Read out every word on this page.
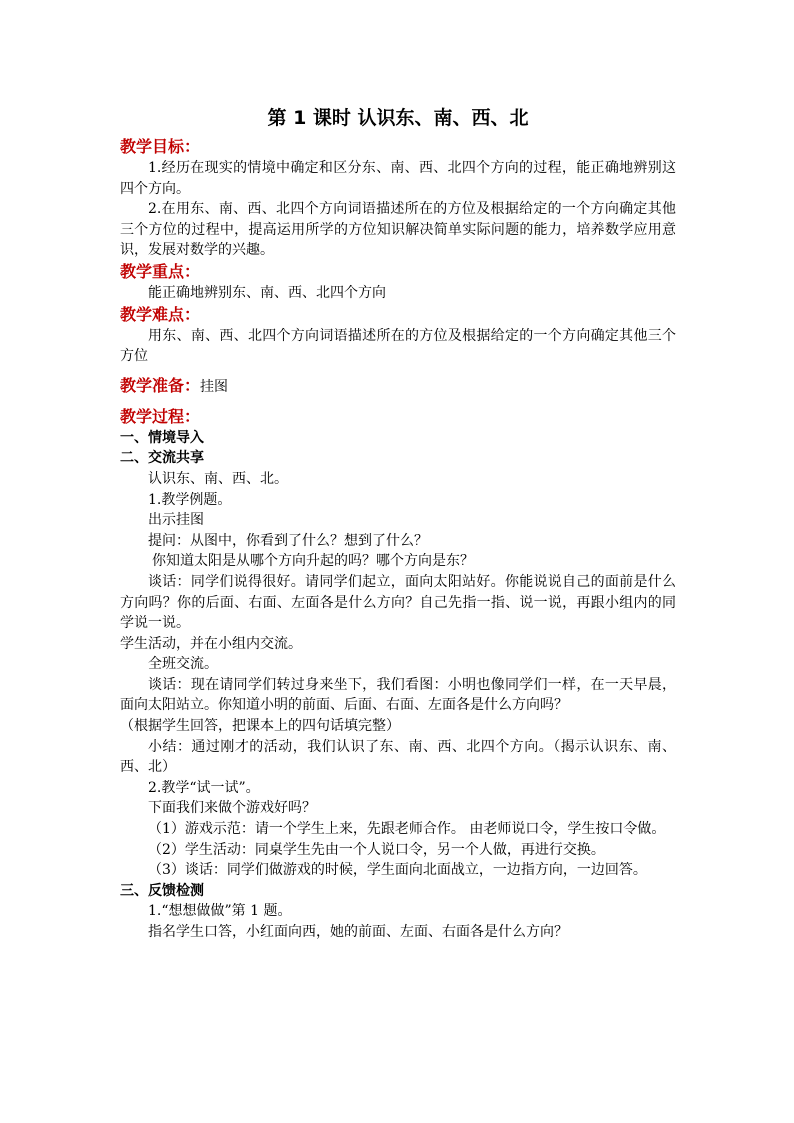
第 1 课时 认识东、南、西、北
教学目标：

1.经历在现实的情境中确定和区分东、南、西、北四个方向的过程，能正确地辨别这四个方向。

2.在用东、南、西、北四个方向词语描述所在的方位及根据给定的一个方向确定其他三个方位的过程中，提高运用所学的方位知识解决简单实际问题的能力，培养数学应用意识，发展对数学的兴趣。

教学重点：

能正确地辨别东、南、西、北四个方向

教学难点：

用东、南、西、北四个方向词语描述所在的方位及根据给定的一个方向确定其他三个方位

教学准备：挂图
教学过程：
一、情境导入
二、交流共享

认识东、南、西、北。

1.教学例题。

出示挂图

提问：从图中，你看到了什么？想到了什么？

你知道太阳是从哪个方向升起的吗？哪个方向是东？

谈话：同学们说得很好。请同学们起立，面向太阳站好。你能说说自己的面前是什么方向吗？你的后面、右面、左面各是什么方向？自己先指一指、说一说，再跟小组内的同学说一说。

学生活动，并在小组内交流。

全班交流。

谈话：现在请同学们转过身来坐下，我们看图：小明也像同学们一样，在一天早晨，面向太阳站立。你知道小明的前面、后面、右面、左面各是什么方向吗？

（根据学生回答，把课本上的四句话填完整）

小结：通过刚才的活动，我们认识了东、南、西、北四个方向。（揭示认识东、南、西、北）

2.教学“试一试”。

下面我们来做个游戏好吗？

（1）游戏示范：请一个学生上来，先跟老师合作。 由老师说口令，学生按口令做。

（2）学生活动：同桌学生先由一个人说口令，另一个人做，再进行交换。

（3）谈话：同学们做游戏的时候，学生面向北面战立，一边指方向，一边回答。

三、反馈检测

1.“想想做做”第 1 题。

指名学生口答，小红面向西，她的前面、左面、右面各是什么方向？
